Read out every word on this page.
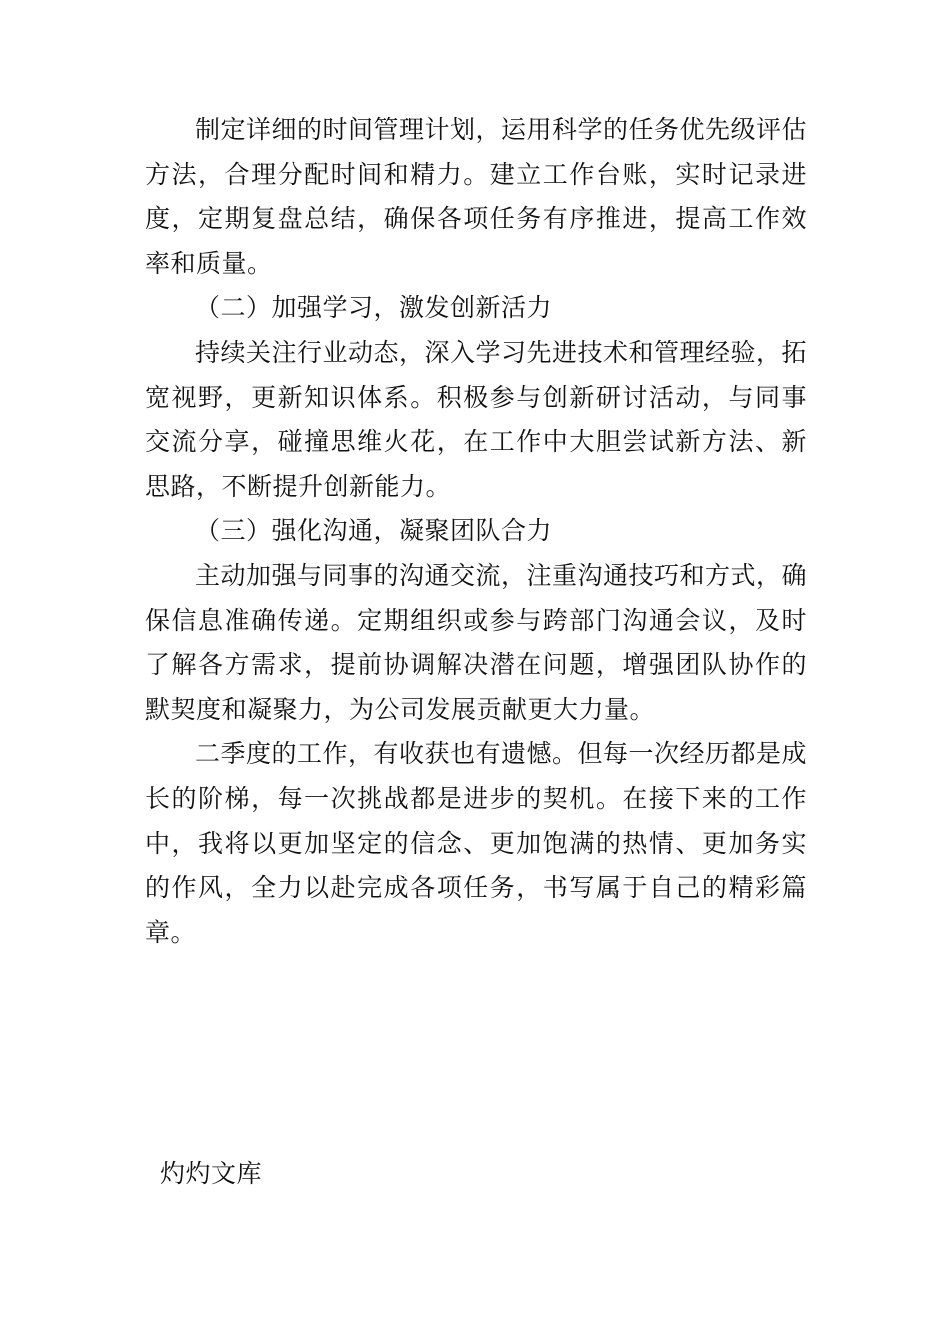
制定详细的时间管理计划，运用科学的任务优先级评估方法，合理分配时间和精力。建立工作台账，实时记录进度，定期复盘总结，确保各项任务有序推进，提高工作效率和质量。

（二）加强学习，激发创新活力

持续关注行业动态，深入学习先进技术和管理经验，拓宽视野，更新知识体系。积极参与创新研讨活动，与同事交流分享，碰撞思维火花，在工作中大胆尝试新方法、新思路，不断提升创新能力。

（三）强化沟通，凝聚团队合力

主动加强与同事的沟通交流，注重沟通技巧和方式，确保信息准确传递。定期组织或参与跨部门沟通会议，及时了解各方需求，提前协调解决潜在问题，增强团队协作的默契度和凝聚力，为公司发展贡献更大力量。

二季度的工作，有收获也有遗憾。但每一次经历都是成长的阶梯，每一次挑战都是进步的契机。在接下来的工作中，我将以更加坚定的信念、更加饱满的热情、更加务实的作风，全力以赴完成各项任务，书写属于自己的精彩篇章。

灼灼文库
